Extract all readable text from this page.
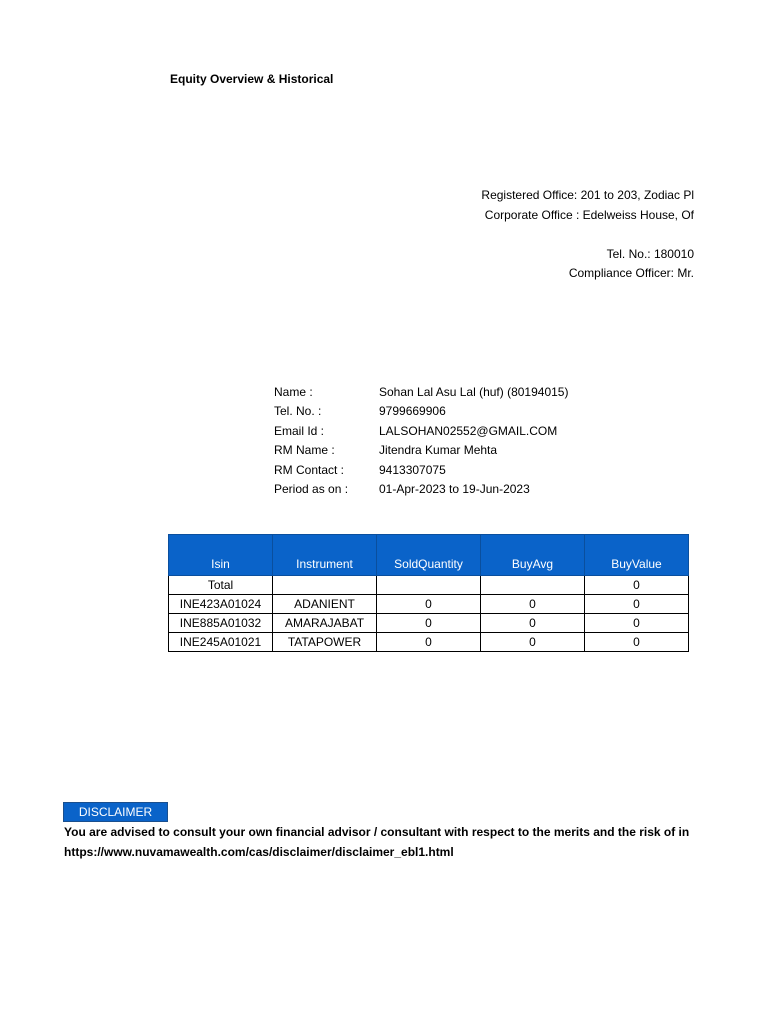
Equity Overview & Historical
Registered Office: 201 to 203, Zodiac Pl
Corporate Office : Edelweiss House, Of
Tel. No.: 180010
Compliance Officer: Mr.
Name :	Sohan Lal Asu Lal (huf) (80194015)
Tel. No. :	9799669906
Email Id :	LALSOHAN02552@GMAIL.COM
RM Name :	Jitendra Kumar Mehta
RM Contact :	9413307075
Period as on :	01-Apr-2023 to 19-Jun-2023
Isin	Instrument	SoldQuantity	BuyAvg	BuyValue
Total				0
INE423A01024	ADANIENT	0	0	0
INE885A01032	AMARAJABAT	0	0	0
INE245A01021	TATAPOWER	0	0	0
DISCLAIMER
You are advised to consult your own financial advisor / consultant with respect to the merits and the risk of in
https://www.nuvamawealth.com/cas/disclaimer/disclaimer_ebl1.html
